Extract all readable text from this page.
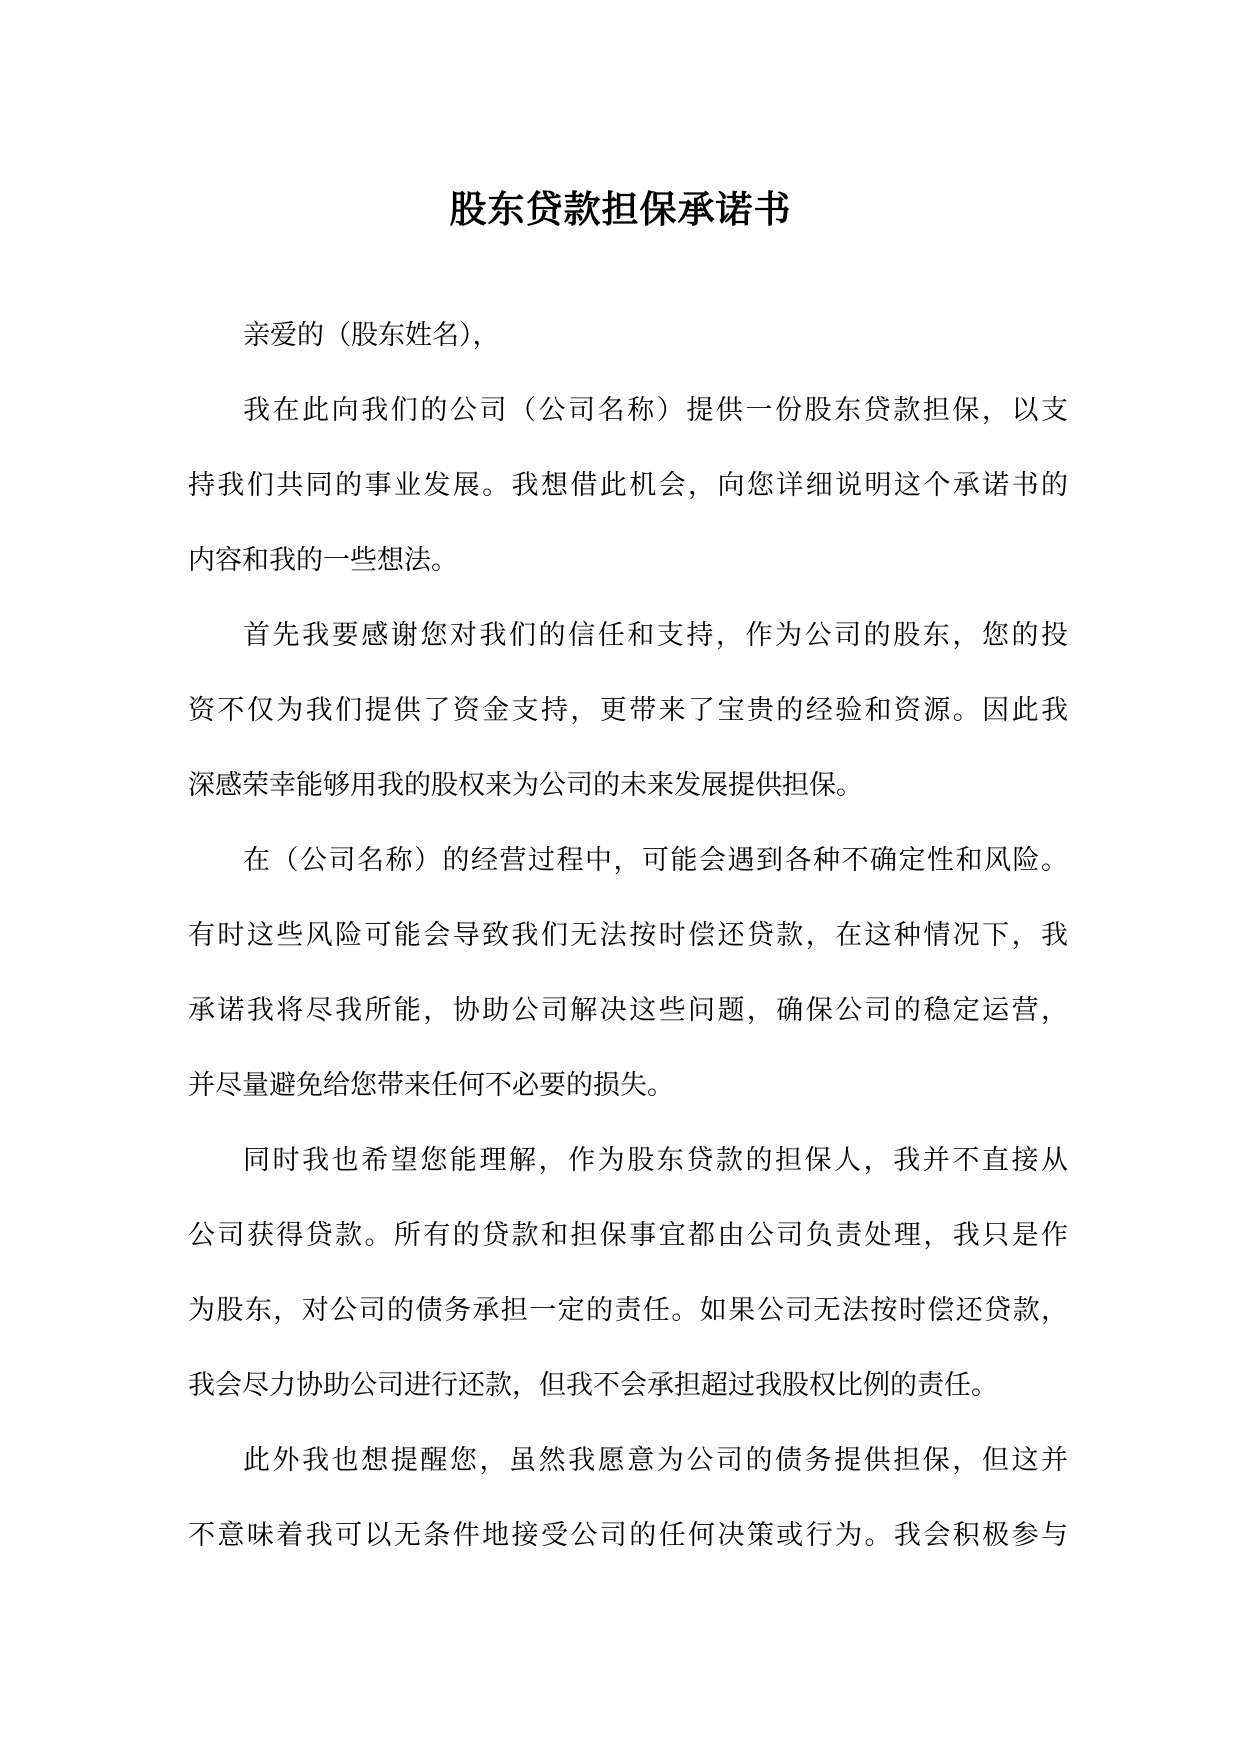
股东贷款担保承诺书
亲爱的（股东姓名），
我在此向我们的公司（公司名称）提供一份股东贷款担保，以支
持我们共同的事业发展。我想借此机会，向您详细说明这个承诺书的
内容和我的一些想法。
首先我要感谢您对我们的信任和支持，作为公司的股东，您的投
资不仅为我们提供了资金支持，更带来了宝贵的经验和资源。因此我
深感荣幸能够用我的股权来为公司的未来发展提供担保。
在（公司名称）的经营过程中，可能会遇到各种不确定性和风险。
有时这些风险可能会导致我们无法按时偿还贷款，在这种情况下，我
承诺我将尽我所能，协助公司解决这些问题，确保公司的稳定运营，
并尽量避免给您带来任何不必要的损失。
同时我也希望您能理解，作为股东贷款的担保人，我并不直接从
公司获得贷款。所有的贷款和担保事宜都由公司负责处理，我只是作
为股东，对公司的债务承担一定的责任。如果公司无法按时偿还贷款，
我会尽力协助公司进行还款，但我不会承担超过我股权比例的责任。
此外我也想提醒您，虽然我愿意为公司的债务提供担保，但这并
不意味着我可以无条件地接受公司的任何决策或行为。我会积极参与
